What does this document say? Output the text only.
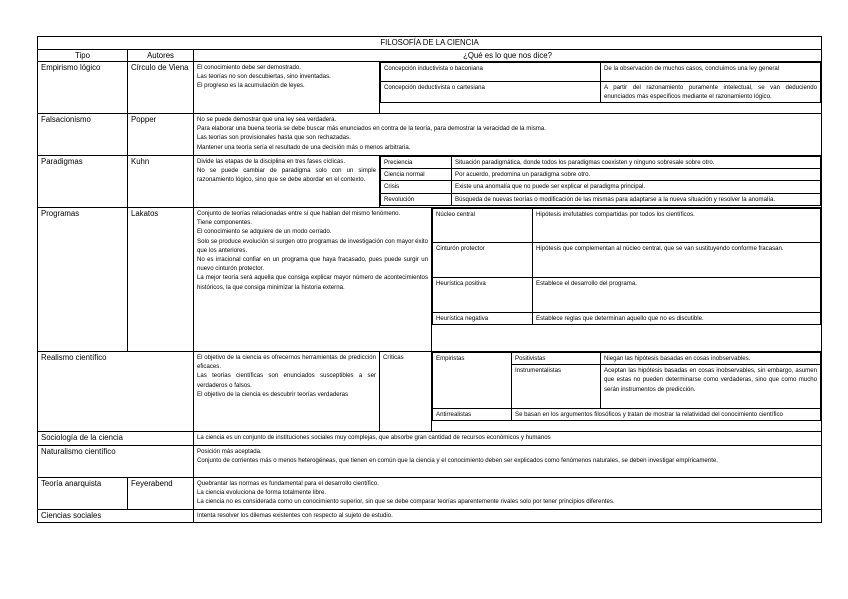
FILOSOFÍA DE LA CIENCIA
Tipo	Autores	¿Qué es lo que nos dice?
Empirismo lógico	Círculo de Viena	El conocimiento debe ser demostrado.
Las teorías no son descubiertas, sino inventadas.
El progreso es la acumulación de leyes.

Concepción inductivista o baconiana	De la observación de muchos casos, concluimos una ley general
Concepción deductivista o cartesiana	A partir del razonamiento puramente intelectual, se van deduciendo enunciados más específicos mediante el razonamiento lógico.

Falsacionismo	Popper	No se puede demostrar que una ley sea verdadera.
Para elaborar una buena teoría se debe buscar más enunciados en contra de la teoría, para demostrar la veracidad de la misma.
Las teorías son provisionales hasta que son rechazadas.
Mantener una teoría sería el resultado de una decisión más o menos arbitraria.

Paradigmas	Kuhn	Divide las etapas de la disciplina en tres fases cíclicas.
No se puede cambiar de paradigma solo con un simple razonamiento lógico, sino que se debe abordar en el contexto.

Preciencia	Situación paradigmática, donde todos los paradigmas coexisten y ninguno sobresale sobre otro.
Ciencia normal	Por acuerdo, predomina un paradigma sobre otro.
Crisis	Existe una anomalía que no puede ser explicar el paradigma principal.
Revolución	Búsqueda de nuevas teorías o modificación de las mismas para adaptarse a la nueva situación y resolver la anomalía.

Programas	Lakatos	Conjunto de teorías relacionadas entre sí que hablan del mismo fenómeno.
Tiene componentes.
El conocimiento se adquiere de un modo cerrado.
Solo se produce evolución si surgen otro programas de investigación con mayor éxito que los anteriores.
No es irracional confiar en un programa que haya fracasado, pues puede surgir un nuevo cinturón protector.
La mejor teoría será aquella que consiga explicar mayor número de acontecimientos históricos, la que consiga minimizar la historia externa.

Núcleo central	Hipótesis irrefutables compartidas por todos los científicos.
Cinturón protector	Hipótesis que complementan al núcleo central, que se van sustituyendo conforme fracasan.
Heurística positiva	Establece el desarrollo del programa.
Heurística negativa	Establece reglas que determinan aquello que no es discutible.

Realismo científico	El objetivo de la ciencia es ofrecernos herramientas de predicción eficaces.
Las teorías científicas son enunciados susceptibles a ser verdaderos o falsos.
El objetivo de la ciencia es descubrir teorías verdaderas
	Críticas		Empiristas	Positivistas	Niegan las hipótesis basadas en cosas inobservables.
Instrumentalistas	Aceptan las hipótesis basadas en cosas inobservables, sin embargo, asumen que estas no pueden determinarse como verdaderas, sino que como mucho serán instrumentos de predicción.
Antirrealistas	Se basan en los argumentos filosóficos y tratan de mostrar la relatividad del conocimiento científico

Sociología de la ciencia	La ciencia es un conjunto de instituciones sociales muy complejas, que absorbe gran cantidad de recursos económicos y humanos
Naturalismo científico	Posición más aceptada.
Conjunto de corrientes más o menos heterogéneas, que tienen en común que la ciencia y el conocimiento deben ser explicados como fenómenos naturales, se deben investigar empíricamente.

Teoría anarquista	Feyerabend	Quebrantar las normas es fundamental para el desarrollo científico.
La ciencia evoluciona de forma totalmente libre.
La ciencia no es considerada como un conocimiento superior, sin que se debe comparar teorías aparentemente rivales solo por tener principios diferentes.

Ciencias sociales	Intenta resolver los dilemas existentes con respecto al sujeto de estudio.
